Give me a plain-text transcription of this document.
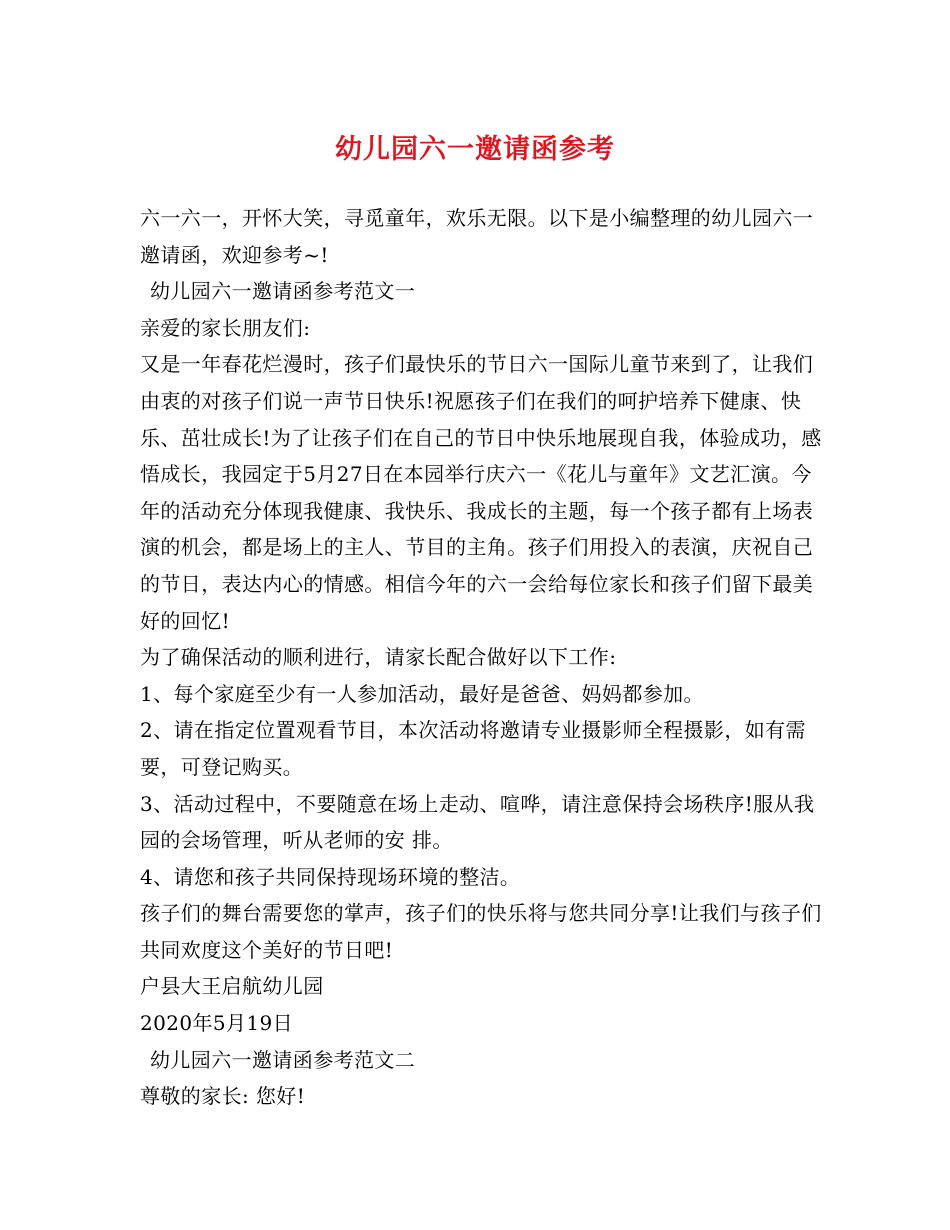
幼儿园六一邀请函参考

六一六一，开怀大笑，寻觅童年，欢乐无限。以下是小编整理的幼儿园六一邀请函，欢迎参考~!

幼儿园六一邀请函参考范文一

亲爱的家长朋友们:

又是一年春花烂漫时，孩子们最快乐的节日六一国际儿童节来到了，让我们由衷的对孩子们说一声节日快乐!祝愿孩子们在我们的呵护培养下健康、快乐、茁壮成长!为了让孩子们在自己的节日中快乐地展现自我，体验成功，感悟成长，我园定于5月27日在本园举行庆六一《花儿与童年》文艺汇演。今年的活动充分体现我健康、我快乐、我成长的主题，每一个孩子都有上场表演的机会，都是场上的主人、节目的主角。孩子们用投入的表演，庆祝自己的节日，表达内心的情感。相信今年的六一会给每位家长和孩子们留下最美好的回忆!

为了确保活动的顺利进行，请家长配合做好以下工作:

1、每个家庭至少有一人参加活动，最好是爸爸、妈妈都参加。

2、请在指定位置观看节目，本次活动将邀请专业摄影师全程摄影，如有需要，可登记购买。

3、活动过程中，不要随意在场上走动、喧哗，请注意保持会场秩序!服从我园的会场管理，听从老师的安 排。

4、请您和孩子共同保持现场环境的整洁。

孩子们的舞台需要您的掌声，孩子们的快乐将与您共同分享!让我们与孩子们共同欢度这个美好的节日吧!

户县大王启航幼儿园

2020年5月19日

幼儿园六一邀请函参考范文二

尊敬的家长: 您好!
